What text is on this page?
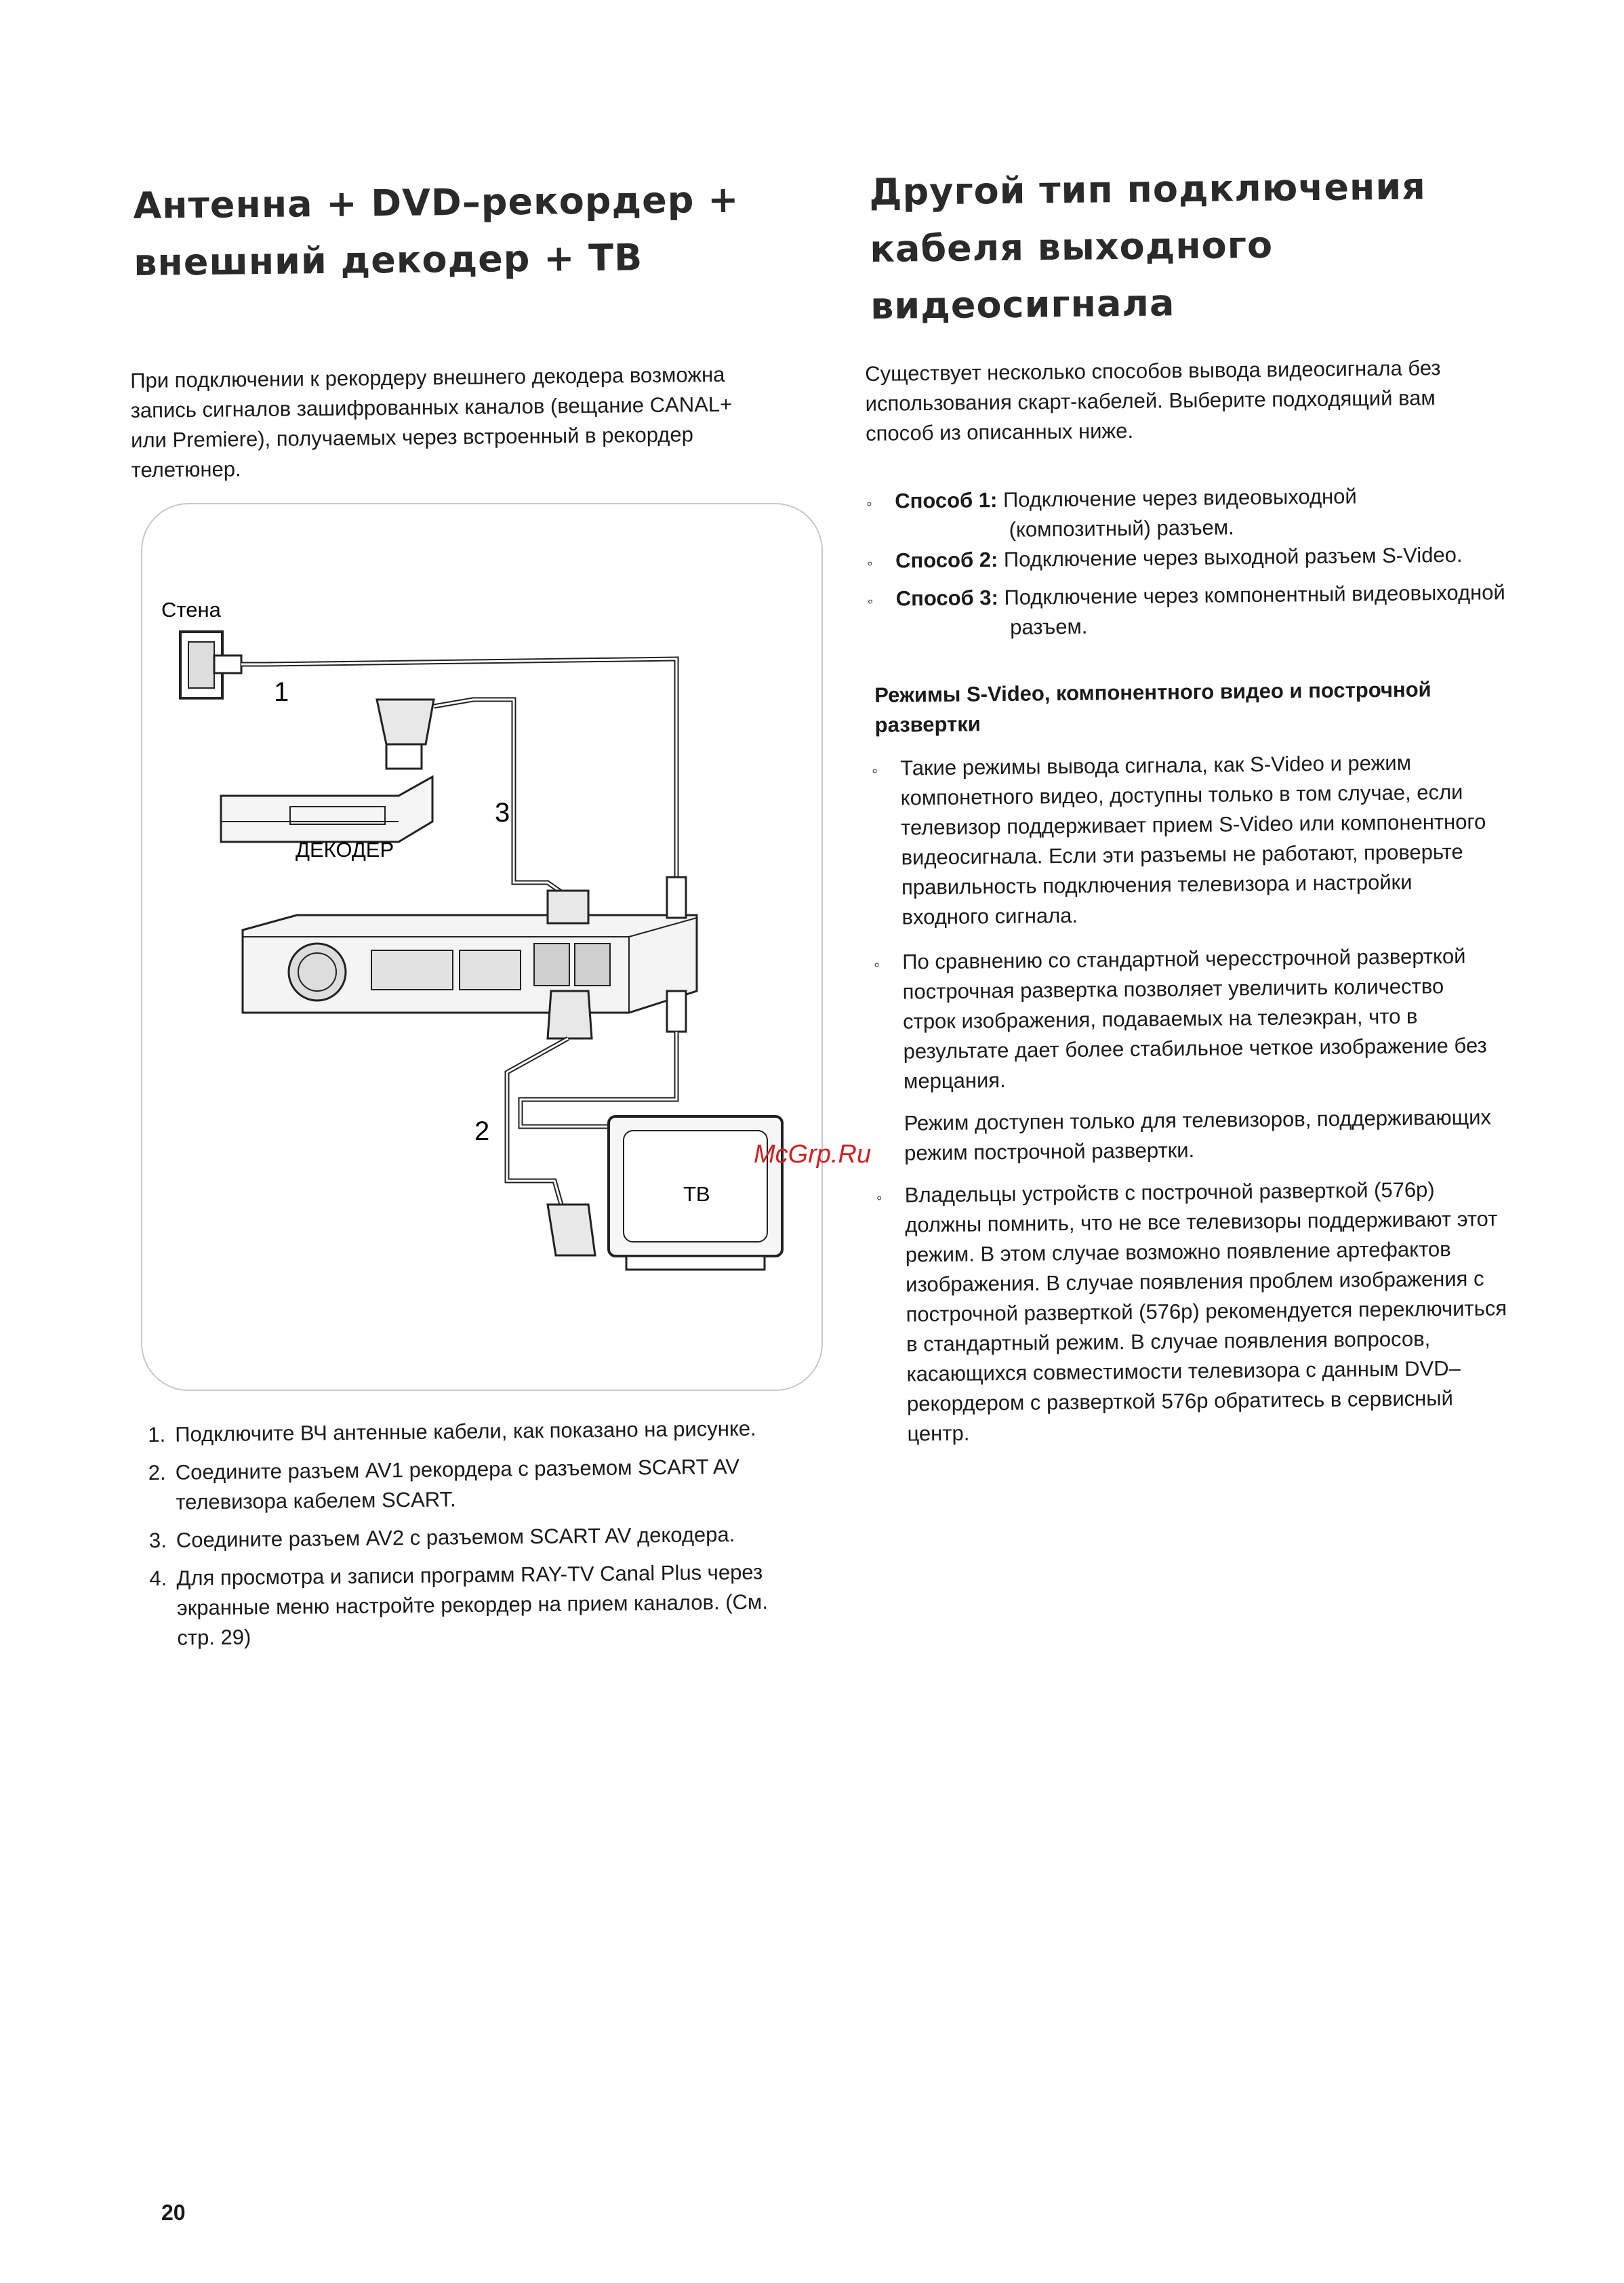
Антенна + DVD–рекордер +
внешний декодер + ТВ
При подключении к рекордеру внешнего декодера возможна
запись сигналов зашифрованных каналов (вещание CANAL+
или Premiere), получаемых через встроенный в рекордер
телетюнер.
Стена
1
ДЕКОДЕР
3
2
ТВ
1. Подключите ВЧ антенные кабели, как показано на рисунке.
2. Соедините разъем AV1 рекордера с разъемом SCART AV
телевизора кабелем SCART.
3. Соедините разъем AV2 с разъемом SCART AV декодера.
4. Для просмотра и записи программ RAY-TV Canal Plus через
экранные меню настройте рекордер на прием каналов. (См.
стр. 29)
Другой тип подключения
кабеля выходного
видеосигнала
Существует несколько способов вывода видеосигнала без
использования скарт-кабелей. Выберите подходящий вам
способ из описанных ниже.
◦	Способ 1: Подключение через видеовыходной
(композитный) разъем.
◦	Способ 2: Подключение через выходной разъем S-Video.
◦	Способ 3: Подключение через компонентный видеовыходной
разъем.
Режимы S-Video, компонентного видео и построчной
развертки
◦	Такие режимы вывода сигнала, как S-Video и режим
компонетного видео, доступны только в том случае, если
телевизор поддерживает прием S-Video или компонентного
видеосигнала. Если эти разъемы не работают, проверьте
правильность подключения телевизора и настройки
входного сигнала.
◦	По сравнению со стандартной чересстрочной разверткой
построчная развертка позволяет увеличить количество
строк изображения, подаваемых на телеэкран, что в
результате дает более стабильное четкое изображение без
мерцания.
Режим доступен только для телевизоров, поддерживающих
режим построчной развертки.
◦	Владельцы устройств с построчной разверткой (576p)
должны помнить, что не все телевизоры поддерживают этот
режим. В этом случае возможно появление артефактов
изображения. В случае появления проблем изображения с
построчной разверткой (576p) рекомендуется переключиться
в стандартный режим. В случае появления вопросов,
касающихся совместимости телевизора с данным DVD–
рекордером с разверткой 576p обратитесь в сервисный
центр.
McGrp.Ru
20
